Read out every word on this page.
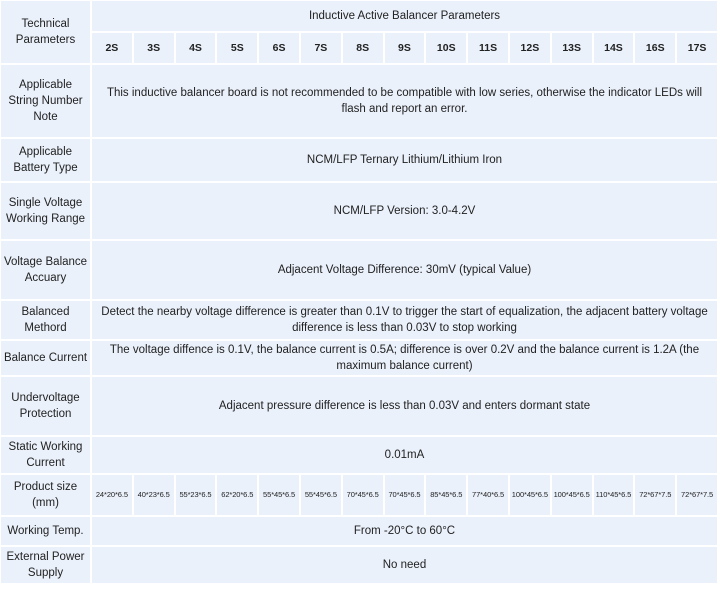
Technical Parameters	Inductive Active Balancer Parameters														
	2S	3S	4S	5S	6S	7S	8S	9S	10S	11S	12S	13S	14S	16S	17S
Applicable String Number Note	This inductive balancer board is not recommended to be compatible with low series, otherwise the indicator LEDs will flash and report an error.														
Applicable Battery Type	NCM/LFP Ternary Lithium/Lithium Iron														
Single Voltage Working Range	NCM/LFP Version: 3.0-4.2V														
Voltage Balance Accuary	Adjacent Voltage Difference: 30mV (typical Value)														
Balanced Methord	Detect the nearby voltage difference is greater than 0.1V to trigger the start of equalization, the adjacent battery voltage difference is less than 0.03V to stop working														
Balance Current	The voltage diffence is 0.1V, the balance current is 0.5A; difference is over 0.2V and the balance current is 1.2A (the maximum balance current)														
Undervoltage Protection	Adjacent pressure difference is less than 0.03V and enters dormant state														
Static Working Current	0.01mA														
Product size (mm)	24*20*6.5	40*23*6.5	55*23*6.5	62*20*6.5	55*45*6.5	55*45*6.5	70*45*6.5	70*45*6.5	85*45*6.5	77*40*6.5	100*45*6.5	100*45*6.5	110*45*6.5	72*67*7.5	72*67*7.5
Working Temp.	From -20°C to 60°C														
External Power Supply	No need														
